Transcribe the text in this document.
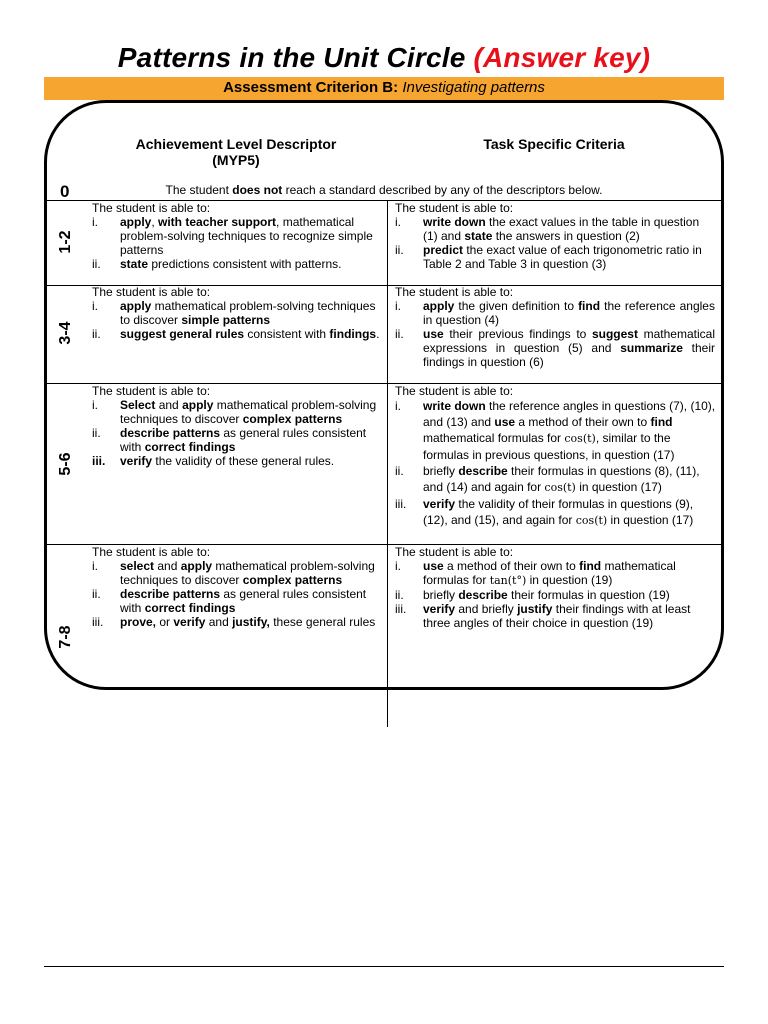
Patterns in the Unit Circle (Answer key)
Assessment Criterion B: Investigating patterns
Achievement Level Descriptor
(MYP5)
Task Specific Criteria
0	The student does not reach a standard described by any of the descriptors below.
1-2

The student is able to:

i. apply, with teacher support, mathematical problem-solving techniques to recognize simple patterns
ii. state predictions consistent with patterns.

The student is able to:

i. write down the exact values in the table in question (1) and state the answers in question (2)
ii. predict the exact value of each trigonometric ratio in Table 2 and Table 3 in question (3)
3-4

The student is able to:

i. apply mathematical problem-solving techniques to discover simple patterns
ii. suggest general rules consistent with findings.

The student is able to:

i. apply the given definition to find the reference angles in question (4)
ii. use their previous findings to suggest mathematical expressions in question (5) and summarize their findings in question (6)
5-6

The student is able to:

i. Select and apply mathematical problem-solving techniques to discover complex patterns
ii. describe patterns as general rules consistent with correct findings
iii. verify the validity of these general rules.

The student is able to:

i. write down the reference angles in questions (7), (10), and (13) and use a method of their own to find mathematical formulas for cos(t), similar to the formulas in previous questions, in question (17)
ii. briefly describe their formulas in questions (8), (11), and (14) and again for cos(t) in question (17)
iii. verify the validity of their formulas in questions (9), (12), and (15), and again for cos(t) in question (17)
7-8

The student is able to:

i. select and apply mathematical problem-solving techniques to discover complex patterns
ii. describe patterns as general rules consistent with correct findings
iii. prove, or verify and justify, these general rules

The student is able to:

i. use a method of their own to find mathematical formulas for tan(t°) in question (19)
ii. briefly describe their formulas in question (19)
iii. verify and briefly justify their findings with at least three angles of their choice in question (19)
